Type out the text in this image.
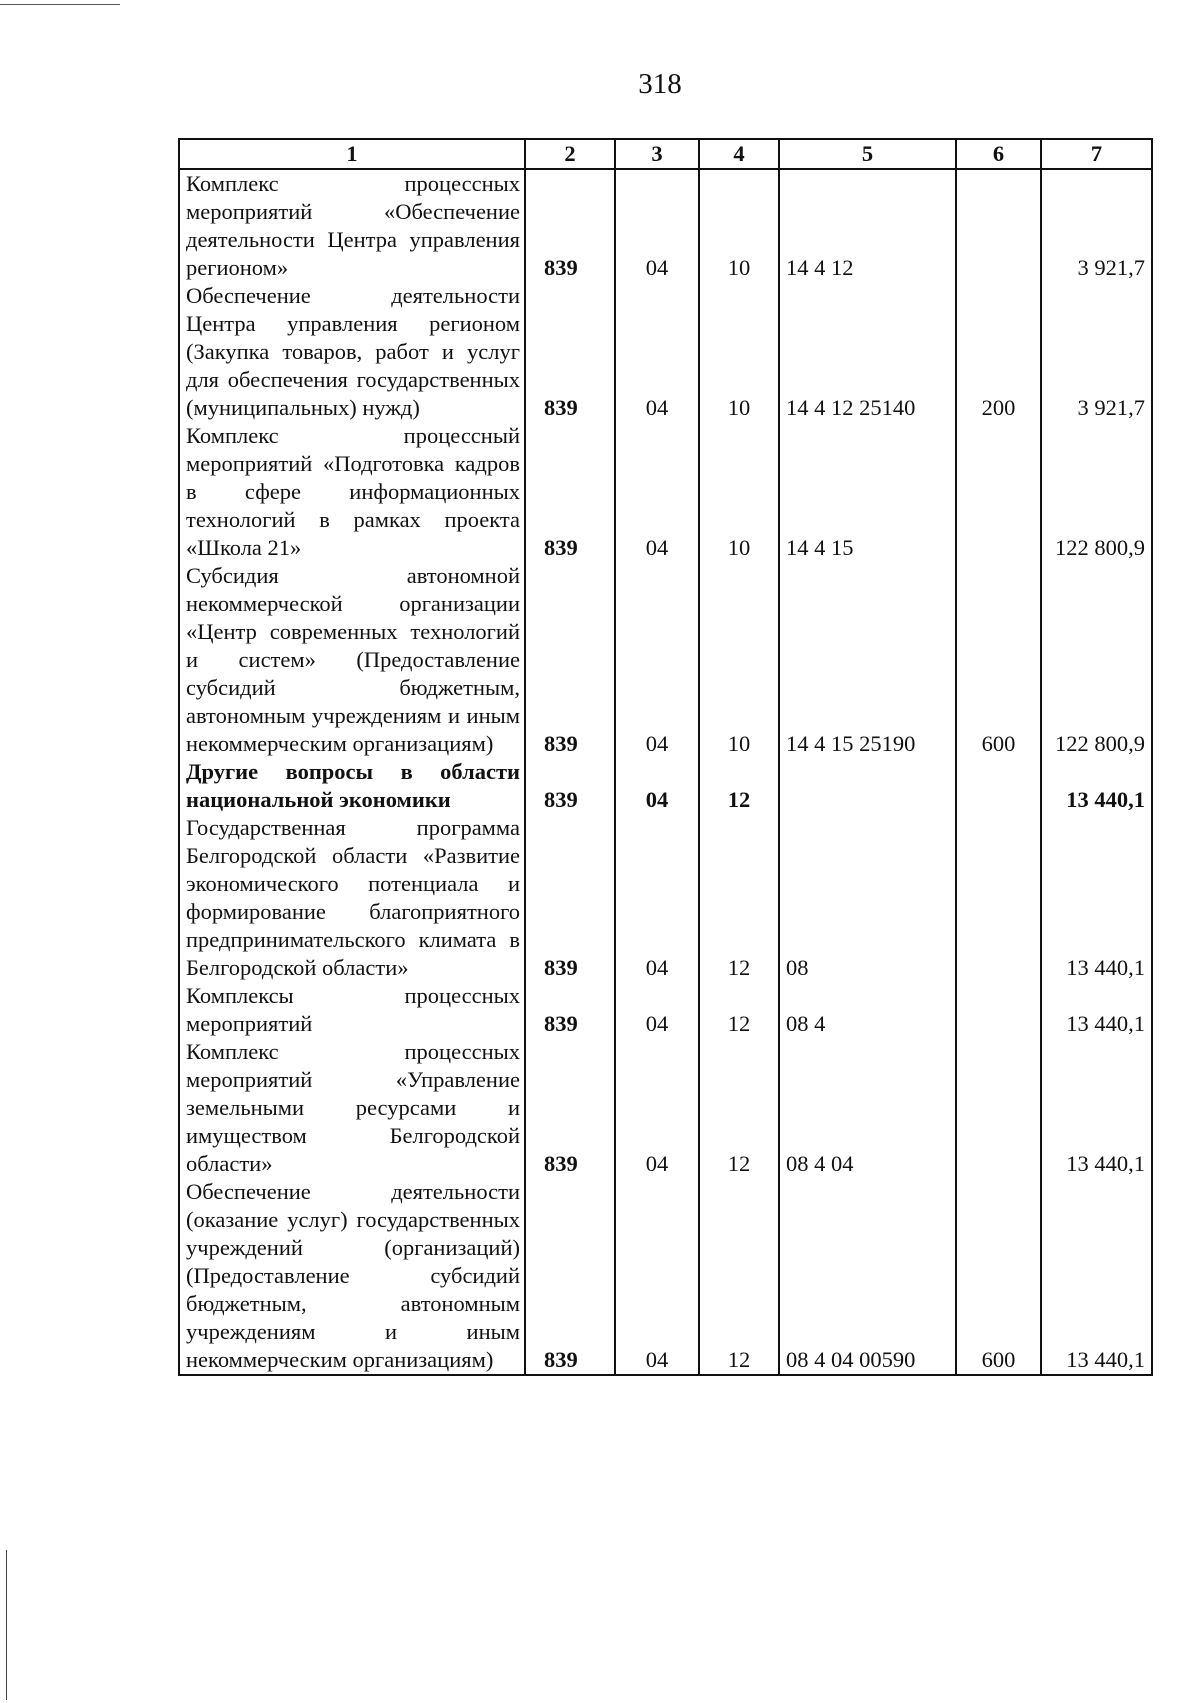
318
1	2	3	4	5	6	7
Комплекс процессных мероприятий «Обеспечение деятельности Центра управления регионом»	839	04	10	14 4 12		3 921,7
Обеспечение деятельности Центра управления регионом (Закупка товаров, работ и услуг для обеспечения государственных (муниципальных) нужд)	839	04	10	14 4 12 25140	200	3 921,7
Комплекс процессный мероприятий «Подготовка кадров в сфере информационных технологий в рамках проекта «Школа 21»	839	04	10	14 4 15		122 800,9
Субсидия автономной некоммерческой организации «Центр современных технологий и систем» (Предоставление субсидий бюджетным, автономным учреждениям и иным некоммерческим организациям)	839	04	10	14 4 15 25190	600	122 800,9
Другие вопросы в области национальной экономики	839	04	12			13 440,1
Государственная программа Белгородской области «Развитие экономического потенциала и формирование благоприятного предпринимательского климата в Белгородской области»	839	04	12	08		13 440,1
Комплексы процессных мероприятий	839	04	12	08 4		13 440,1
Комплекс процессных мероприятий «Управление земельными ресурсами и имуществом Белгородской области»	839	04	12	08 4 04		13 440,1
Обеспечение деятельности (оказание услуг) государственных учреждений (организаций) (Предоставление субсидий бюджетным, автономным учреждениям и иным некоммерческим организациям)	839	04	12	08 4 04 00590	600	13 440,1
